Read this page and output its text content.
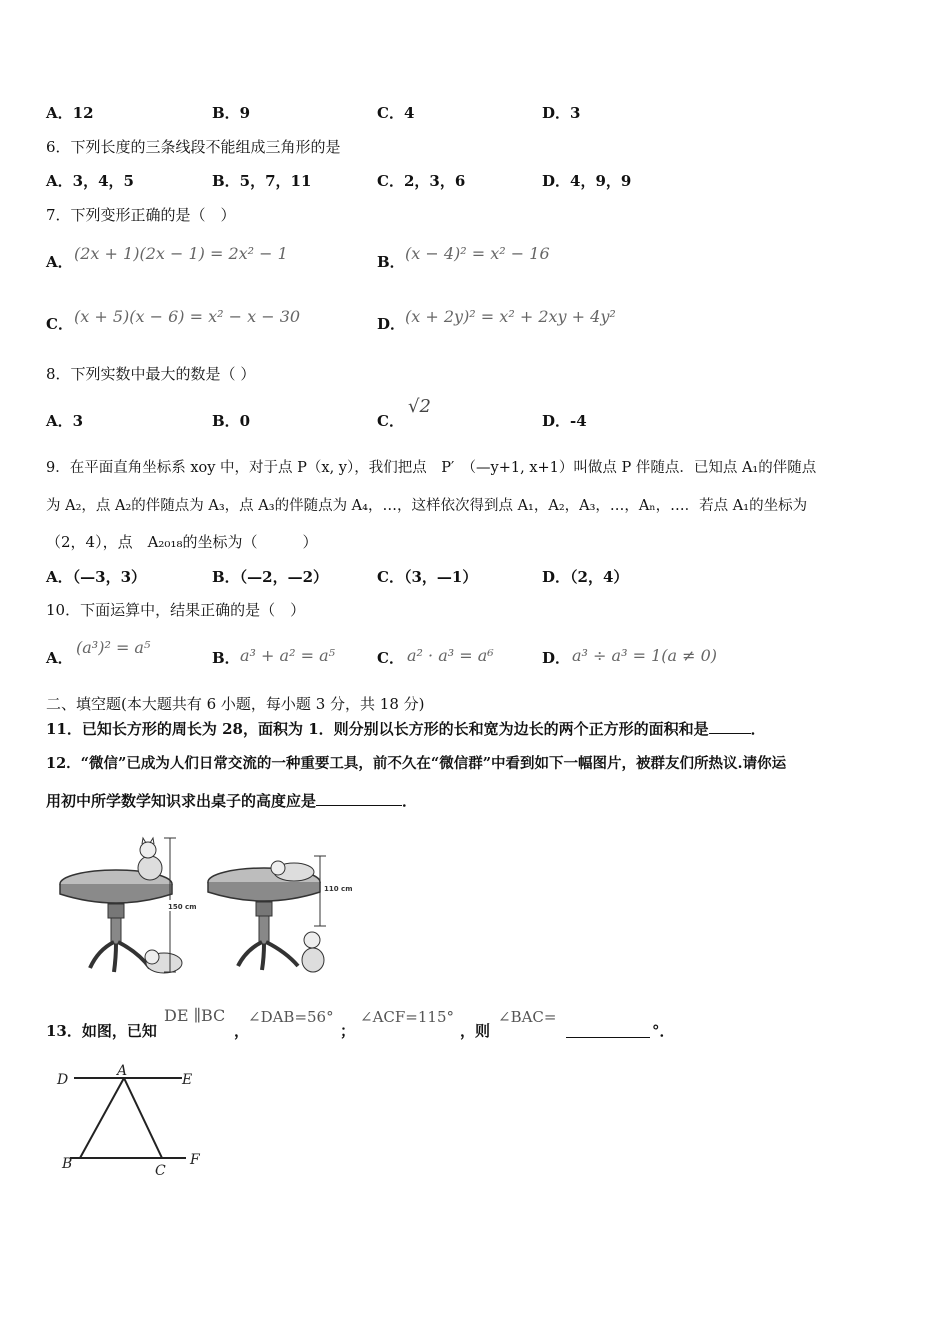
A．12	B．9	C．4	D．3
6．下列长度的三条线段不能组成三角形的是
A．3，4，5	B．5，7，11	C．2，3，6	D．4，9，9
7．下列变形正确的是（　）
A． (2x + 1)(2x − 1) = 2x² − 1	B． (x − 4)² = x² − 16
C． (x + 5)(x − 6) = x² − x − 30	D． (x + 2y)² = x² + 2xy + 4y²
8．下列实数中最大的数是（ ）
A．3	B．0	C．
√2
D．-4
9．在平面直角坐标系 xoy 中，对于点 P（x, y），我们把点　P′　（—y+1, x+1）叫做点 P 伴随点．已知点 A₁的伴随点
为 A₂，点 A₂的伴随点为 A₃，点 A₃的伴随点为 A₄，…，这样依次得到点 A₁，A₂，A₃，…，Aₙ，…．若点 A₁的坐标为
（2，4），点　A₂₀₁₈的坐标为（　　　）
A．（—3，3）	B．（—2，—2）	C．（3，—1）	D．（2，4）
10．下面运算中，结果正确的是（　）
A．
(a³)² = a⁵
B． a³ + a² = a⁵	C． a² · a³ = a⁶	D． a³ ÷ a³ = 1(a ≠ 0)
二、填空题(本大题共有 6 小题，每小题 3 分，共 18 分)
11．已知长方形的周长为 28，面积为 1．则分别以长方形的长和宽为边长的两个正方形的面积和是	．
12．“微信”已成为人们日常交流的一种重要工具，前不久在“微信群”中看到如下一幅图片，被群友们所热议.请你运
用初中所学数学知识求出桌子的高度应是	．
150 cm
110 cm
13．如图，已知
DE ∥BC
，
∠DAB=56°
；
∠ACF=115°
，则
∠BAC=
°．
D
A
E
B	C
F
